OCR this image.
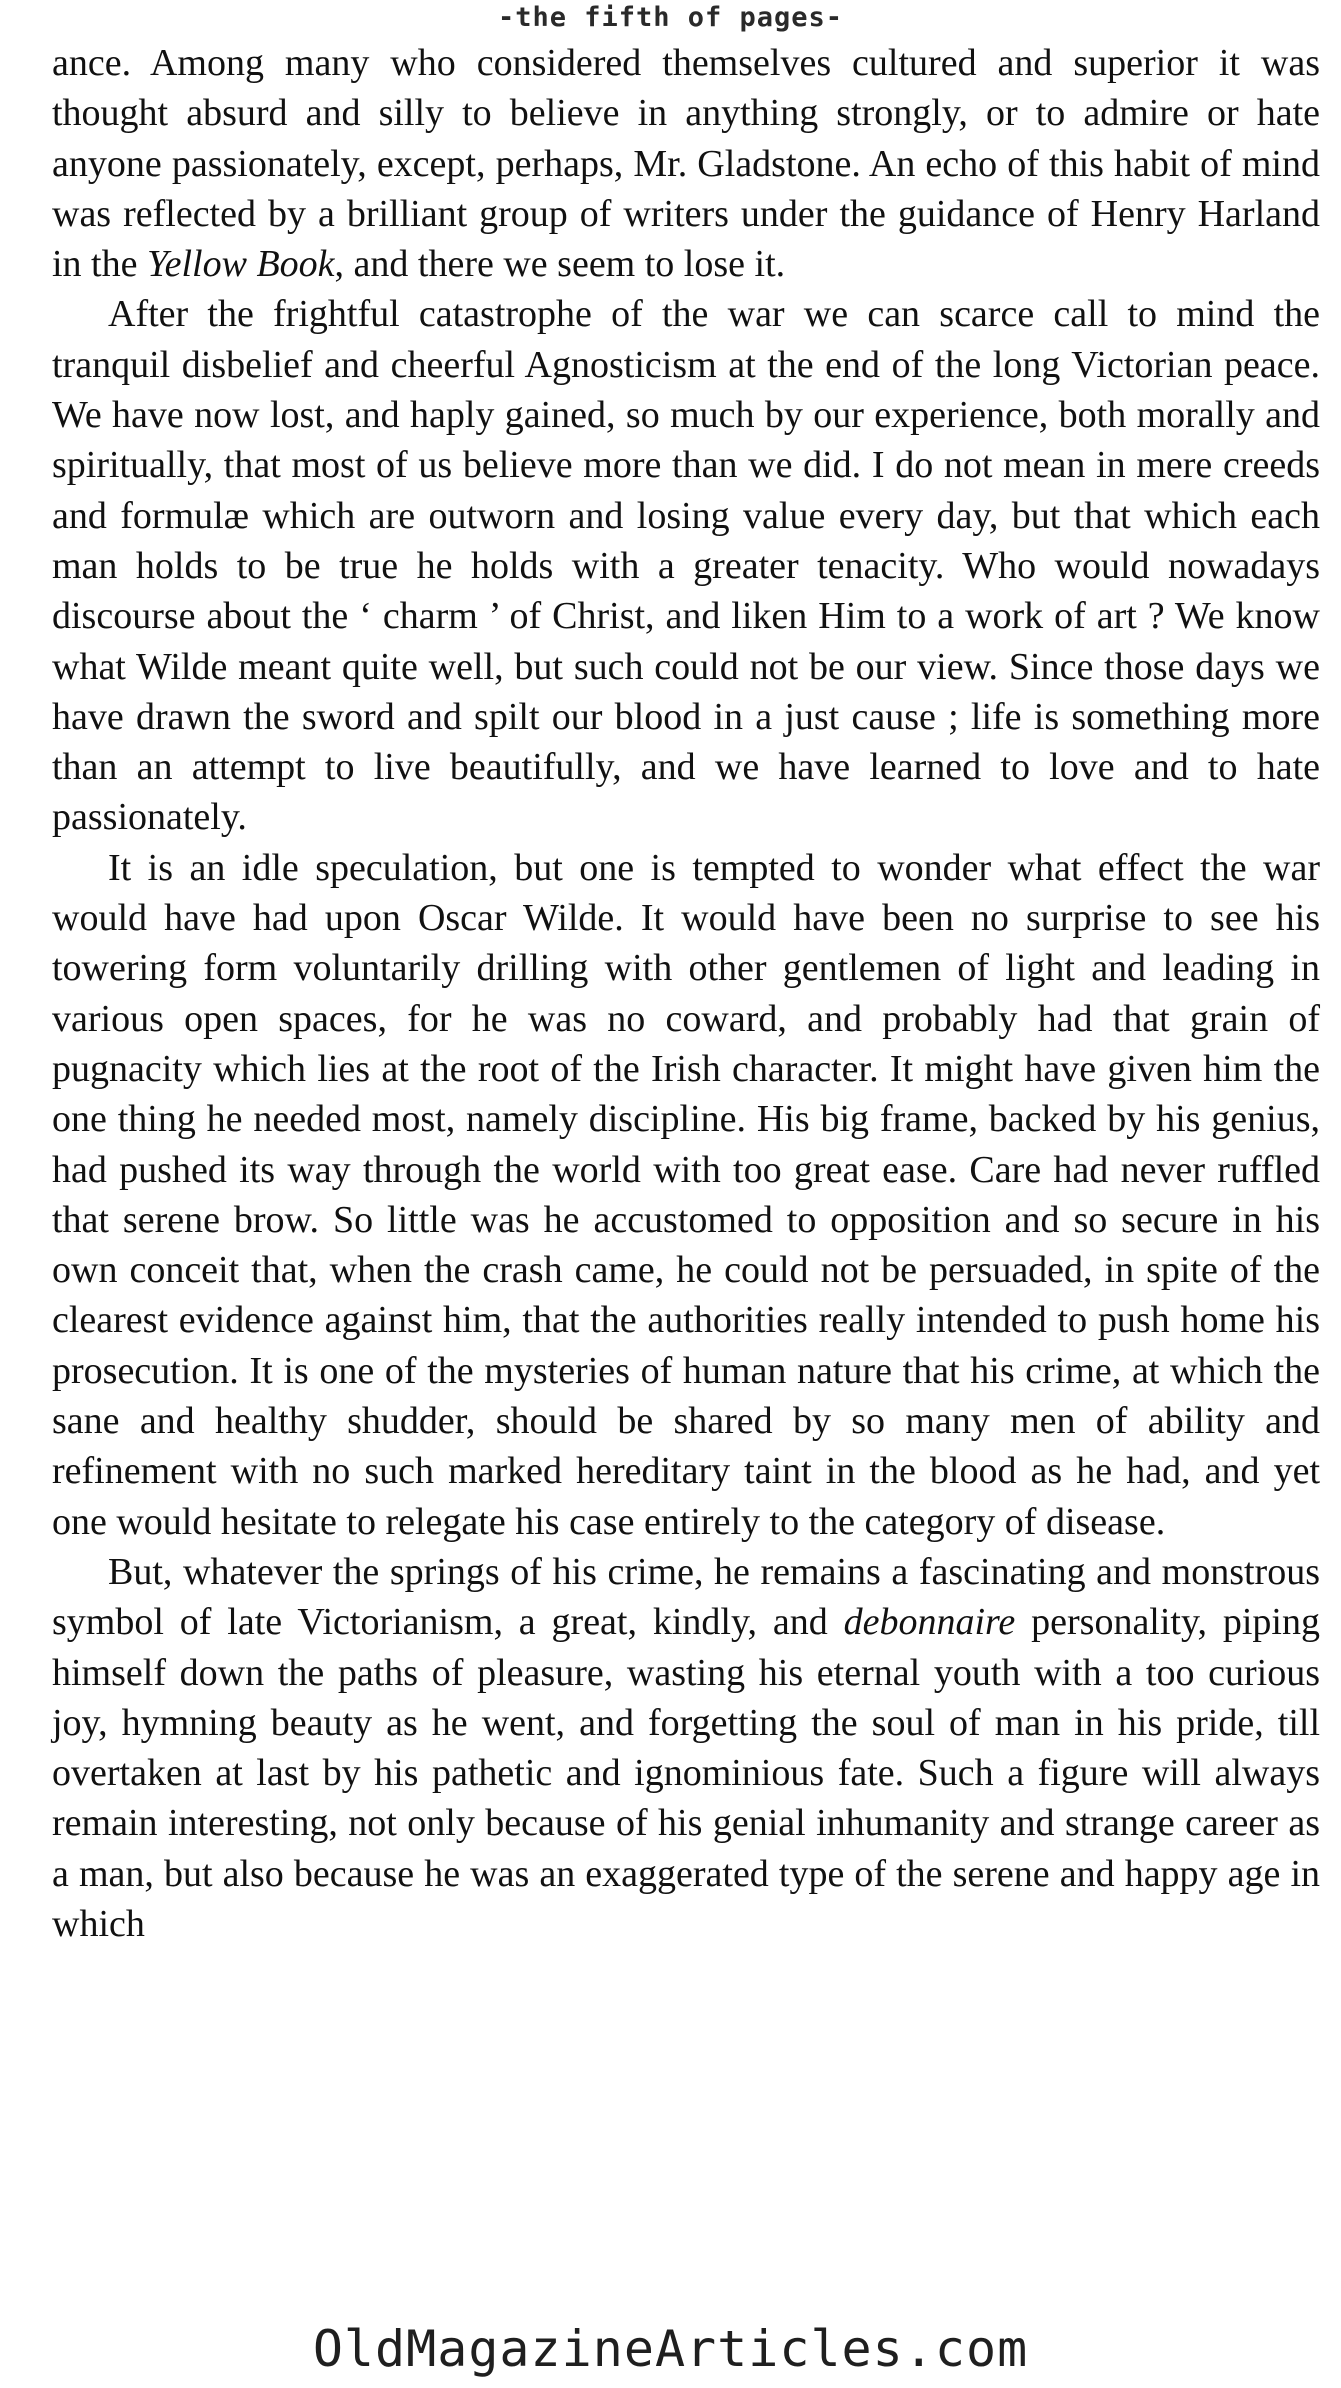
-the fifth of pages-

ance. Among many who considered themselves cultured and superior it was thought absurd and silly to believe in anything strongly, or to admire or hate anyone passionately, except, perhaps, Mr. Gladstone. An echo of this habit of mind was reflected by a brilliant group of writers under the guidance of Henry Harland in the Yellow Book, and there we seem to lose it.

After the frightful catastrophe of the war we can scarce call to mind the tranquil disbelief and cheerful Agnosticism at the end of the long Victorian peace. We have now lost, and haply gained, so much by our experience, both morally and spiritually, that most of us believe more than we did. I do not mean in mere creeds and formulæ which are outworn and losing value every day, but that which each man holds to be true he holds with a greater tenacity. Who would nowadays discourse about the ‘ charm ’ of Christ, and liken Him to a work of art ? We know what Wilde meant quite well, but such could not be our view. Since those days we have drawn the sword and spilt our blood in a just cause ; life is something more than an attempt to live beautifully, and we have learned to love and to hate passionately.

It is an idle speculation, but one is tempted to wonder what effect the war would have had upon Oscar Wilde. It would have been no surprise to see his towering form voluntarily drilling with other gentlemen of light and leading in various open spaces, for he was no coward, and probably had that grain of pugnacity which lies at the root of the Irish character. It might have given him the one thing he needed most, namely discipline. His big frame, backed by his genius, had pushed its way through the world with too great ease. Care had never ruffled that serene brow. So little was he accustomed to opposition and so secure in his own conceit that, when the crash came, he could not be persuaded, in spite of the clearest evidence against him, that the authorities really intended to push home his prosecution. It is one of the mysteries of human nature that his crime, at which the sane and healthy shudder, should be shared by so many men of ability and refinement with no such marked hereditary taint in the blood as he had, and yet one would hesitate to relegate his case entirely to the category of disease.

But, whatever the springs of his crime, he remains a fascinating and monstrous symbol of late Victorianism, a great, kindly, and debonnaire personality, piping himself down the paths of pleasure, wasting his eternal youth with a too curious joy, hymning beauty as he went, and forgetting the soul of man in his pride, till overtaken at last by his pathetic and ignominious fate. Such a figure will always remain interesting, not only because of his genial inhumanity and strange career as a man, but also because he was an exaggerated type of the serene and happy age in which

OldMagazineArticles.com
